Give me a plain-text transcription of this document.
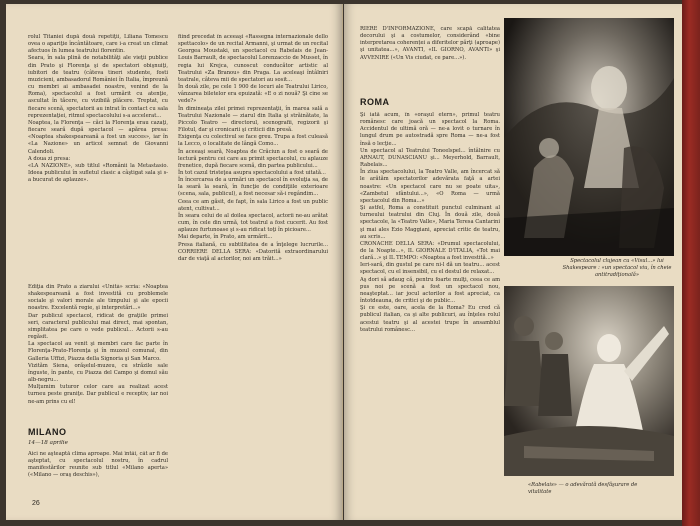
rolul Titaniei după două repetiţii, Liliana Tomescu ovea o apariţie încântătoare, care i-a creat un climat afectuos în lumea teatrului florentin.
Seara, în sala plină de notabilităţi ale vieţii publice din Prato şi Florenţa şi de spectatori obişnuiţi, iubitori de teatru (câteva tineri studente, fosti muzicieni, ambasadorul României în Italia, împreună cu membri ai ambasadei noastre, venind de la Roma), spectacolul a fost urmărit cu atenţie, ascultat în tăcere, cu vizibilă plăcere. Treptat, cu fiecare scenă, spectatorii au intrat în contact cu sala reprezentaţiei, ritmul spectacolului s-a accelerat...
Noaptea, la Florenţa — căci la Florenţa erau cazaţi, fiecare seară după spectacol — apărea presa: «Noaptea shakespeareană a fost un succes», iar în «La Nazione» un articol semnat de Giovanni Calendoli.
A doua zi presa:
«LA NAZIONE», sub titlul «Românii la Metastasio. Ideea publicului în sufletul clasic a câştigat sala şi s-a bucurat de aplauze».
Ediţia din Prato a ziarului «Unità» scria: «Noaptea shakespeareană a fost investită cu problemele sociale şi valori morale ale timpului şi ale epocii noastre. Excelentă regie, şi interpretări...»
Dar publicul spectacol, ridicat de graţiile primei seri, caracterul publicului mai direct, mai spontan, simplitatea pe care o vede publicul... Actorii s-au regăsit.
La spectacol au venit şi membri care fac parte în Florenţa-Prato-Florenţa şi în muzeul comunal, din Galleria Uffizi, Piazza della Signoria şi San Marco.
Vizităm Siena, orăşelul-muzeu, cu străzile sale înguste, în pante, cu Piazza del Campo şi domul său alb-negru...
Mulţumim tuturor celor care au realizat acest turneu peste graniţe. Dar publicul e receptiv, iar noi ne-am prins cu el!
MILANO
14—18 aprilie
Aici ne aşteaptă clima aproape. Mai întâi, cât ar fi de aşteptat, cu spectacolul nostru, în cadrul manifestărilor reunite sub titlul «Milano aperta» («Milano — oraş deschis»),
fiind precedat în aceeaşi «Rassegna internazionale dello spettacolo» de un recital Armanni, şi urmat de un recital Georgea Moustaki, un spectacol cu Rabelais de Jean-Louis Barrault, de spectacolul Lorenzaccio de Musset, în regia lui Krejca, cunoscut conducător artistic al Teatrului «Za Branou» din Praga. La aceleaşi întâlniri teatrale, câteva mii de spectatori au sosit...
În două zile, pe cele 1 900 de locuri ale Teatrului Lirico, vânzarea biletelor era epuizată: «E o zi nouă? Şi cine se vede?»
În dimineaţa zilei primei reprezentaţii, în marea sală a Teatrului Nazionale — ziarul din Italia şi străinătate, la Piccolo Teatro — directorul, scenografii, regizorii şi Filotul, dar şi cronicarii şi criticii din presă.
Exigenţa cu colectivul se face greu. Trupa a fost culeasă la Lecco, o localitate de lângă Como...
În aceeaşi seară, Noaptea de Crăciun a fost o seară de lectură pentru cei care au primit spectacolul, cu aplauze frenetice, după fiecare scenă, din partea publicului...
În tot cazul tristeţea asupra spectacolului a fost uitată...
În încercarea de a urmări un spectacol în evoluţia sa, de la seară la seară, în funcţie de condiţiile exterioare (scena, sala, publicul), a fost necesar să-i regândim...
Ceea ce am găsit, de fapt, în sala Lirico a fost un public atent, cultivat...
În seara celui de al doilea spectacol, actorii ne-au arătat cum, în cele din urmă, tot teatrul a fost cucerit. Au fost aplauze furtunoase şi s-au ridicat toţi în picioare...
Mai departe, în Prato, am urmărit...
Presa italiană, cu subtilitatea de a înţelege lucrurile... CORRIERE DELLA SERA: «Datorită extraordinarului dar de viaţă al actorilor, noi am trăit...»
26
RIERE D'INFORMAZIONE, care scapă calitatea decorului şi a costumelor, considerând «bine interpretarea coherenței a diferitelor părţi (aproape) şi unitatea...», AVANTI, «IL GIORNO, AVANTI» şi AVVENIRE («Un Vis ciudat, ce pare...»).
ROMA
Şi iată acum, în «oraşul etern», primul teatru românesc care joacă un spectacol la Roma. Accidentul de ultimă oră — ne-a lovit o turnare în lungul drum pe autostradă spre Roma — ne-a fost însă o lecţie...
Un spectacol al Teatrului Toneelspel... întâlnire cu ARNAUT, DUNASCIANU şi... Meyerhold, Barrault, Rabelais...
În ziua spectacolului, la Teatro Valle, am încercat să le arătăm spectatorilor adevărata faţă a artei noastre: «Un spectacol care nu se poate uita», «Zambetul sfântului...», «O Roma — urmă spectacolul din Roma...»
Şi astfel, Roma a constituit punctul culminant al turneului teatrului din Cluj. În două zile, două spectacole, la «Teatro Valle», Maria Teresa Cantarini şi mai ales Ezio Maggiani, apreciat critic de teatru, au scris...
CRONACHE DELLA SERA: «Drumul spectacolului, de la Noapte...», IL GIORNALE D'ITALIA, «Tot mai clară...» şi IL TEMPO: «Noaptea a fost investită...»
Ieri-sară, din gustul pe care ni-l dă un teatru... acest spectacol, cu el insensibil, cu el destul de relaxat...
Aş dori să adaug că, pentru foarte mulţi, ceea ce am pus noi pe scenă a fost un spectacol nou, neaşteptat... iar jocul actorilor a fost apreciat, ca întotdeauna, de critici şi de public...
Şi ce este, oare, acela de la Roma? Eu cred că publicul italian, ca şi alte publicuri, au înţeles rolul acestui teatru şi al acestei trupe în ansamblul teatrului românesc...
Spectacolul clujean cu «Visul...» lui Shakespeare : «un spectacol viu, în cheie antitradiţională»
«Rabelais» — o adevărată desfăşurare de vitalitate
